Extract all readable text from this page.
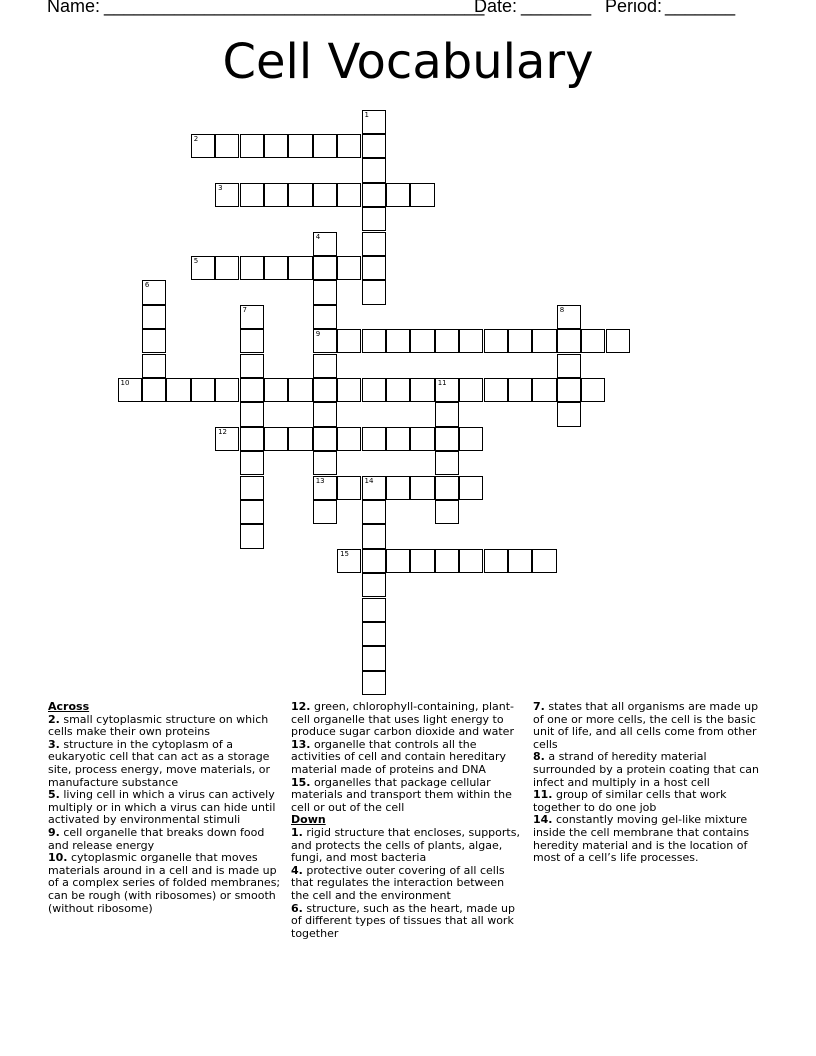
Name: ______________________________________
Date: _______ Period: _______
Cell Vocabulary
1
2
3
4
9
13
5
6
7	8
10	11
12
14
15
Across

2. small cytoplasmic structure on which cells make their own proteins

3. structure in the cytoplasm of a eukaryotic cell that can act as a storage site, process energy, move materials, or manufacture substance

5. living cell in which a virus can actively multiply or in which a virus can hide until activated by environmental stimuli

9. cell organelle that breaks down food and release energy

10. cytoplasmic organelle that moves materials around in a cell and is made up of a complex series of folded membranes; can be rough (with ribosomes) or smooth (without ribosome)

12. green, chlorophyll-containing, plant-cell organelle that uses light energy to produce sugar carbon dioxide and water

13. organelle that controls all the activities of cell and contain hereditary material made of proteins and DNA

15. organelles that package cellular materials and transport them within the cell or out of the cell

Down

1. rigid structure that encloses, supports, and protects the cells of plants, algae, fungi, and most bacteria

4. protective outer covering of all cells that regulates the interaction between the cell and the environment

6. structure, such as the heart, made up of different types of tissues that all work together

7. states that all organisms are made up of one or more cells, the cell is the basic unit of life, and all cells come from other cells

8. a strand of heredity material surrounded by a protein coating that can infect and multiply in a host cell

11. group of similar cells that work together to do one job

14. constantly moving gel-like mixture inside the cell membrane that contains heredity material and is the location of most of a cell’s life processes.
